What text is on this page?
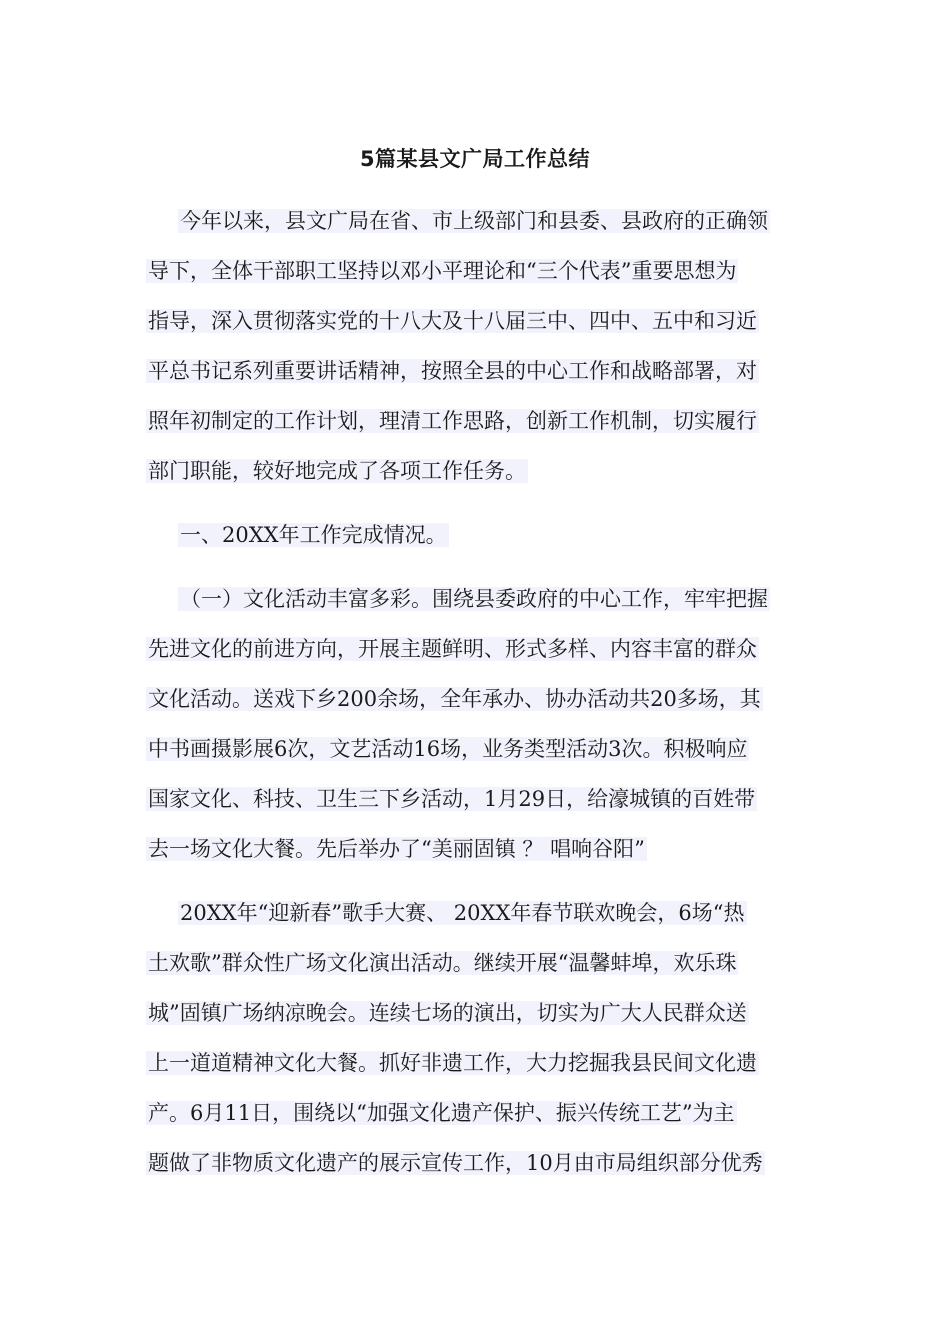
5篇某县文广局工作总结
今年以来，县文广局在省、市上级部门和县委、县政府的正确领
导下，全体干部职工坚持以邓小平理论和“三个代表”重要思想为
指导，深入贯彻落实党的十八大及十八届三中、四中、五中和习近
平总书记系列重要讲话精神，按照全县的中心工作和战略部署，对
照年初制定的工作计划，理清工作思路，创新工作机制，切实履行
部门职能，较好地完成了各项工作任务。
一、20XX年工作完成情况。
（一）文化活动丰富多彩。围绕县委政府的中心工作，牢牢把握
先进文化的前进方向，开展主题鲜明、形式多样、内容丰富的群众
文化活动。送戏下乡200余场，全年承办、协办活动共20多场，其
中书画摄影展6次，文艺活动16场，业务类型活动3次。积极响应
国家文化、科技、卫生三下乡活动，1月29日，给濠城镇的百姓带
去一场文化大餐。先后举办了“美丽固镇 ？ 唱响谷阳”
20XX年“迎新春”歌手大赛、 20XX年春节联欢晚会，6场“热
土欢歌”群众性广场文化演出活动。继续开展“温馨蚌埠，欢乐珠
城”固镇广场纳凉晚会。连续七场的演出，切实为广大人民群众送
上一道道精神文化大餐。抓好非遗工作，大力挖掘我县民间文化遗
产。6月11日，围绕以“加强文化遗产保护、振兴传统工艺”为主
题做了非物质文化遗产的展示宣传工作，10月由市局组织部分优秀
